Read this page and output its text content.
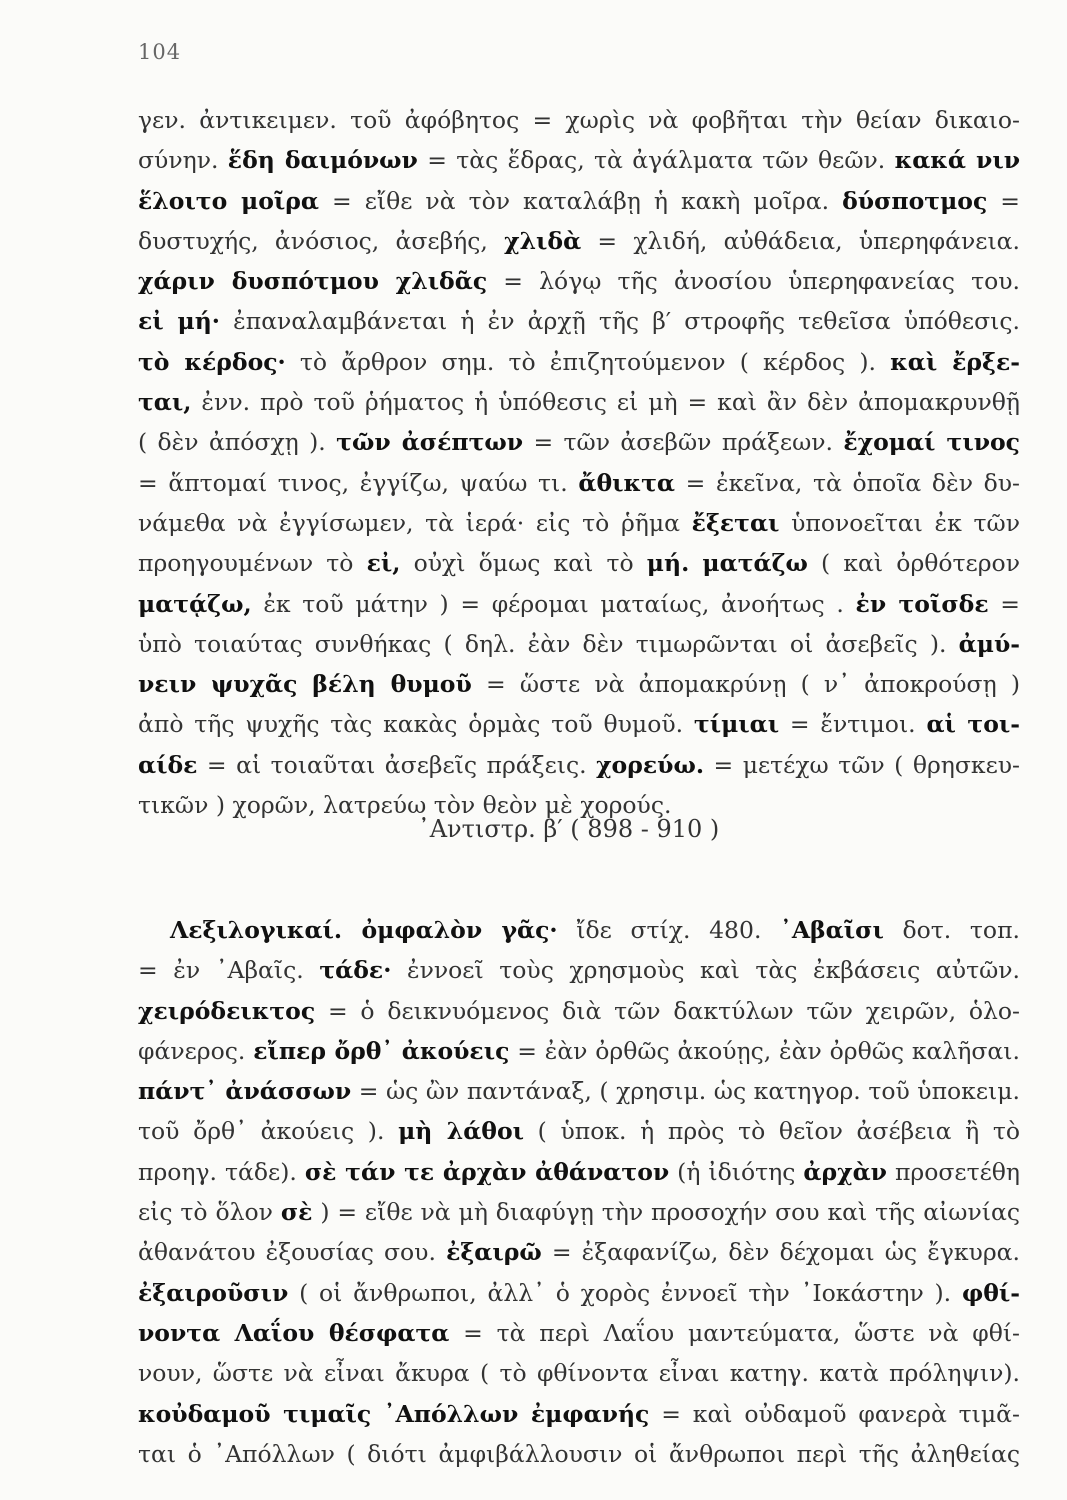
104
γεν. ἀντικειμεν. τοῦ ἀφόβητος = χωρὶς νὰ φοβῆται τὴν θείαν δικαιο-
σύνην. ἕδη δαιμόνων = τὰς ἕδρας, τὰ ἀγάλματα τῶν θεῶν. κακά νιν
ἕλοιτο μοῖρα = εἴθε νὰ τὸν καταλάβῃ ἡ κακὴ μοῖρα. δύσποτμος =
δυστυχής, ἀνόσιος, ἀσεβής, χλιδὰ = χλιδή, αὐθάδεια, ὑπερηφάνεια.
χάριν δυσπότμου χλιδᾶς = λόγῳ τῆς ἀνοσίου ὑπερηφανείας του.
εἰ μή· ἐπαναλαμβάνεται ἡ ἐν ἀρχῇ τῆς β′ στροφῆς τεθεῖσα ὑπόθεσις.
τὸ κέρδος· τὸ ἄρθρον σημ. τὸ ἐπιζητούμενον ( κέρδος ). καὶ ἔρξε-
ται, ἐνν. πρὸ τοῦ ῥήματος ἡ ὑπόθεσις εἰ μὴ = καὶ ἂν δὲν ἀπομακρυνθῇ
( δὲν ἀπόσχῃ ). τῶν ἀσέπτων = τῶν ἀσεβῶν πράξεων. ἔχομαί τινος
= ἅπτομαί τινος, ἐγγίζω, ψαύω τι. ἄθικτα = ἐκεῖνα, τὰ ὁποῖα δὲν δυ-
νάμεθα νὰ ἐγγίσωμεν, τὰ ἱερά· εἰς τὸ ῥῆμα ἔξεται ὑπονοεῖται ἐκ τῶν
προηγουμένων τὸ εἰ, οὐχὶ ὅμως καὶ τὸ μή. ματάζω ( καὶ ὀρθότερον
ματᾴζω, ἐκ τοῦ μάτην ) = φέρομαι ματαίως, ἀνοήτως . ἐν τοῖσδε =
ὑπὸ τοιαύτας συνθήκας ( δηλ. ἐὰν δὲν τιμωρῶνται οἱ ἀσεβεῖς ). ἀμύ-
νειν ψυχᾶς βέλη θυμοῦ = ὥστε νὰ ἀπομακρύνῃ ( ν᾽ ἀποκρούσῃ )
ἀπὸ τῆς ψυχῆς τὰς κακὰς ὁρμὰς τοῦ θυμοῦ. τίμιαι = ἔντιμοι. αἱ τοι-
αίδε = αἱ τοιαῦται ἀσεβεῖς πράξεις. χορεύω. = μετέχω τῶν ( θρησκευ-
τικῶν ) χορῶν, λατρεύω τὸν θεὸν μὲ χορούς.
᾽Αντιστρ. β′ ( 898 - 910 )
Λεξιλογικαί. ὀμφαλὸν γᾶς· ἴδε στίχ. 480. ᾽Αβαῖσι δοτ. τοπ.
= ἐν ᾽Αβαῖς. τάδε· ἐννοεῖ τοὺς χρησμοὺς καὶ τὰς ἐκβάσεις αὐτῶν.
χειρόδεικτος = ὁ δεικνυόμενος διὰ τῶν δακτύλων τῶν χειρῶν, ὁλο-
φάνερος. εἴπερ ὄρθ᾽ ἀκούεις = ἐὰν ὀρθῶς ἀκούῃς, ἐὰν ὀρθῶς καλῆσαι.
πάντ᾽ ἀνάσσων = ὡς ὢν παντάναξ, ( χρησιμ. ὡς κατηγορ. τοῦ ὑποκειμ.
τοῦ ὄρθ᾽ ἀκούεις ). μὴ λάθοι ( ὑποκ. ἡ πρὸς τὸ θεῖον ἀσέβεια ἢ τὸ
προηγ. τάδε). σὲ τάν τε ἀρχὰν ἀθάνατον (ἡ ἰδιότης ἀρχὰν προσετέθη
εἰς τὸ ὅλον σὲ ) = εἴθε νὰ μὴ διαφύγῃ τὴν προσοχήν σου καὶ τῆς αἰωνίας
ἀθανάτου ἐξουσίας σου. ἐξαιρῶ = ἐξαφανίζω, δὲν δέχομαι ὡς ἔγκυρα.
ἐξαιροῦσιν ( οἱ ἄνθρωποι, ἀλλ᾽ ὁ χορὸς ἐννοεῖ τὴν ᾽Ιοκάστην ). φθί-
νοντα Λαΐου θέσφατα = τὰ περὶ Λαΐου μαντεύματα, ὥστε νὰ φθί-
νουν, ὥστε νὰ εἶναι ἄκυρα ( τὸ φθίνοντα εἶναι κατηγ. κατὰ πρόληψιν).
κοὐδαμοῦ τιμαῖς ᾽Απόλλων ἐμφανής = καὶ οὐδαμοῦ φανερὰ τιμᾶ-
ται ὁ ᾽Απόλλων ( διότι ἀμφιβάλλουσιν οἱ ἄνθρωποι περὶ τῆς ἀληθείας
